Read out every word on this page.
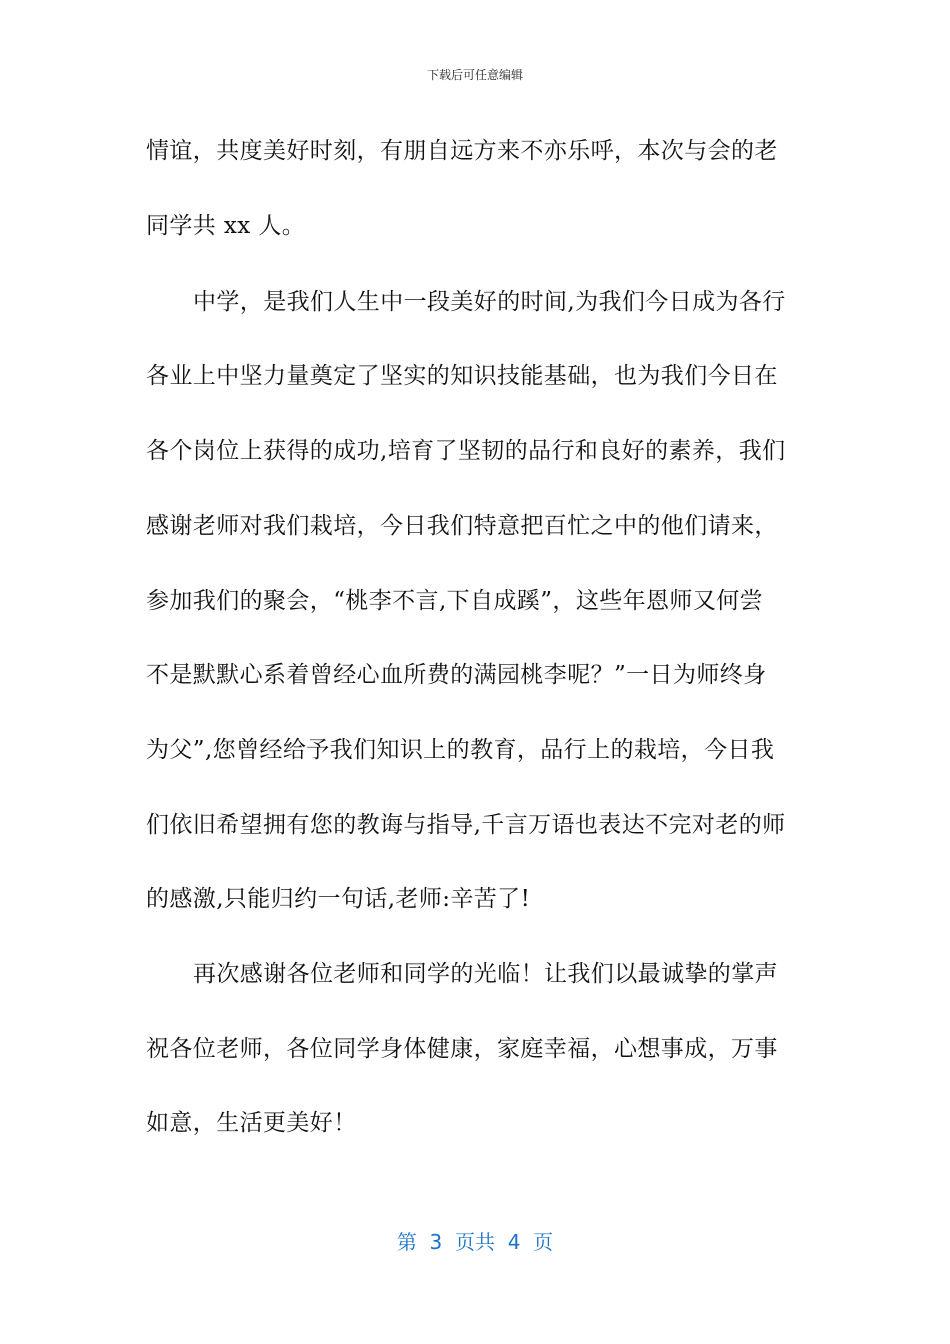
下载后可任意编辑
情谊，共度美好时刻，有朋自远方来不亦乐呼，本次与会的老
同学共 xx 人。
中学，是我们人生中一段美好的时间,为我们今日成为各行
各业上中坚力量奠定了坚实的知识技能基础，也为我们今日在
各个岗位上获得的成功,培育了坚韧的品行和良好的素养，我们
感谢老师对我们栽培，今日我们特意把百忙之中的他们请来，
参加我们的聚会，“桃李不言,下自成蹊”，这些年恩师又何尝
不是默默心系着曾经心血所费的满园桃李呢？”一日为师终身
为父”,您曾经给予我们知识上的教育，品行上的栽培，今日我
们依旧希望拥有您的教诲与指导,千言万语也表达不完对老的师
的感激,只能归约一句话,老师:辛苦了!
再次感谢各位老师和同学的光临！让我们以最诚挚的掌声
祝各位老师，各位同学身体健康，家庭幸福，心想事成，万事
如意，生活更美好！
第  3  页共  4  页
